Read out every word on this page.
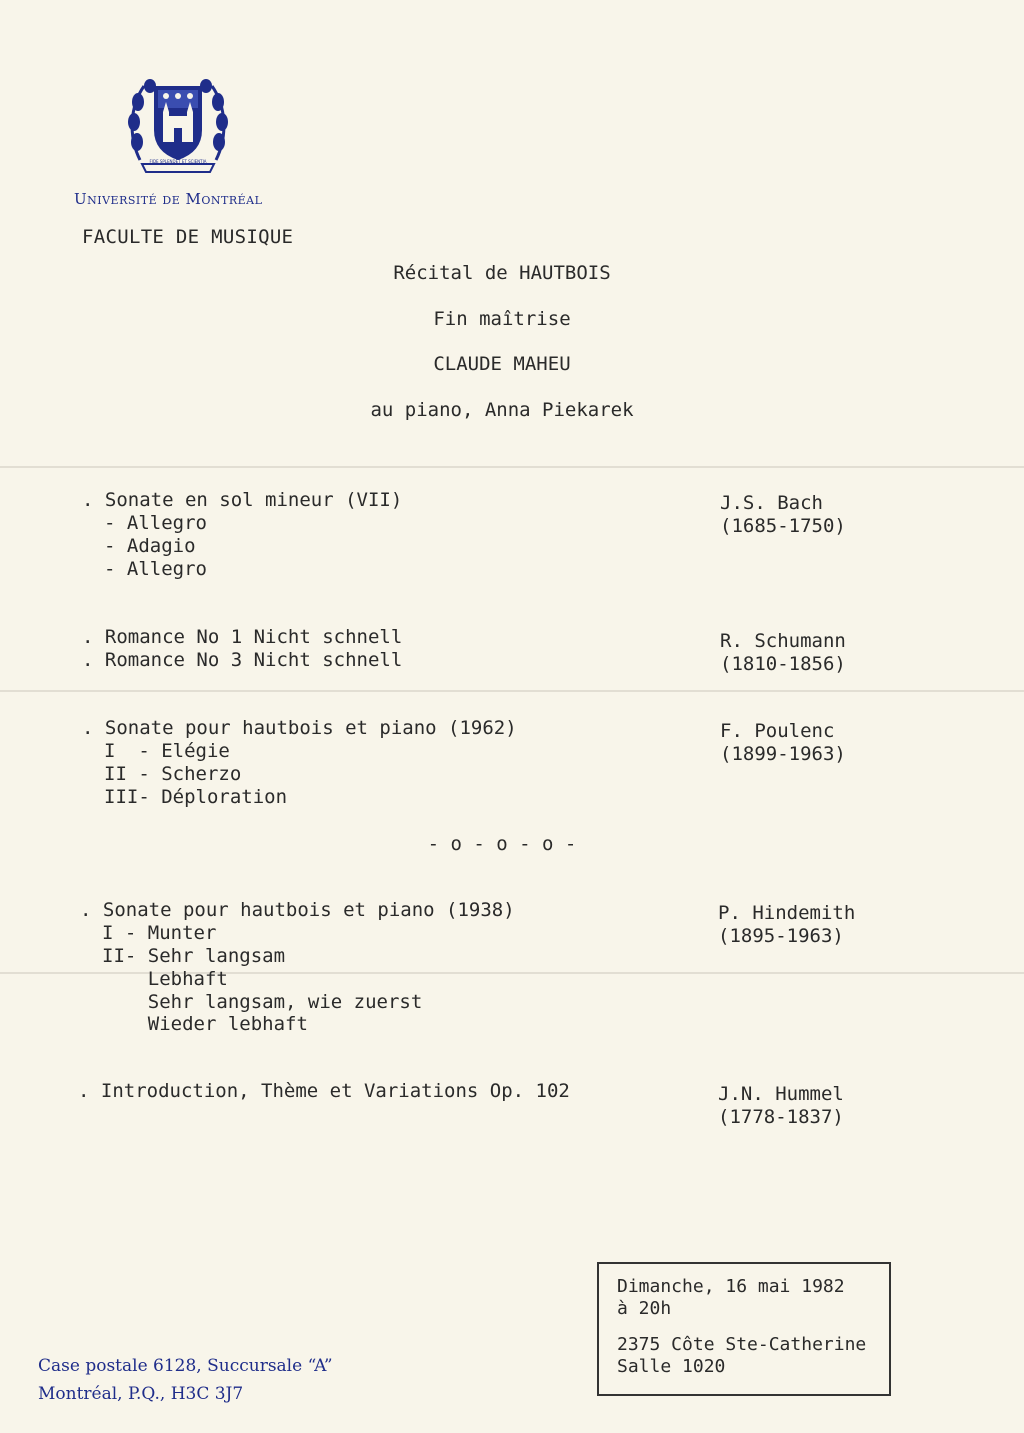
FIDE SPLENDET ET SCIENTIA
Université de Montréal
FACULTE DE MUSIQUE
Récital de HAUTBOIS
Fin maîtrise
CLAUDE MAHEU
au piano, Anna Piekarek
. Sonate en sol mineur (VII)
- Allegro
- Adagio
- Allegro
J.S. Bach
(1685-1750)
. Romance No 1 Nicht schnell
. Romance No 3 Nicht schnell
R. Schumann
(1810-1856)
. Sonate pour hautbois et piano (1962)
I  - Elégie
II - Scherzo
III- Déploration
F. Poulenc
(1899-1963)
- o - o - o -
. Sonate pour hautbois et piano (1938)
I - Munter
II- Sehr langsam
Lebhaft
Sehr langsam, wie zuerst
Wieder lebhaft
P. Hindemith
(1895-1963)
. Introduction, Thème et Variations Op. 102	J.N. Hummel
(1778-1837)
Dimanche, 16 mai 1982
à 20h
2375 Côte Ste-Catherine
Salle 1020
Case postale 6128, Succursale “A”
Montréal, P.Q., H3C 3J7
